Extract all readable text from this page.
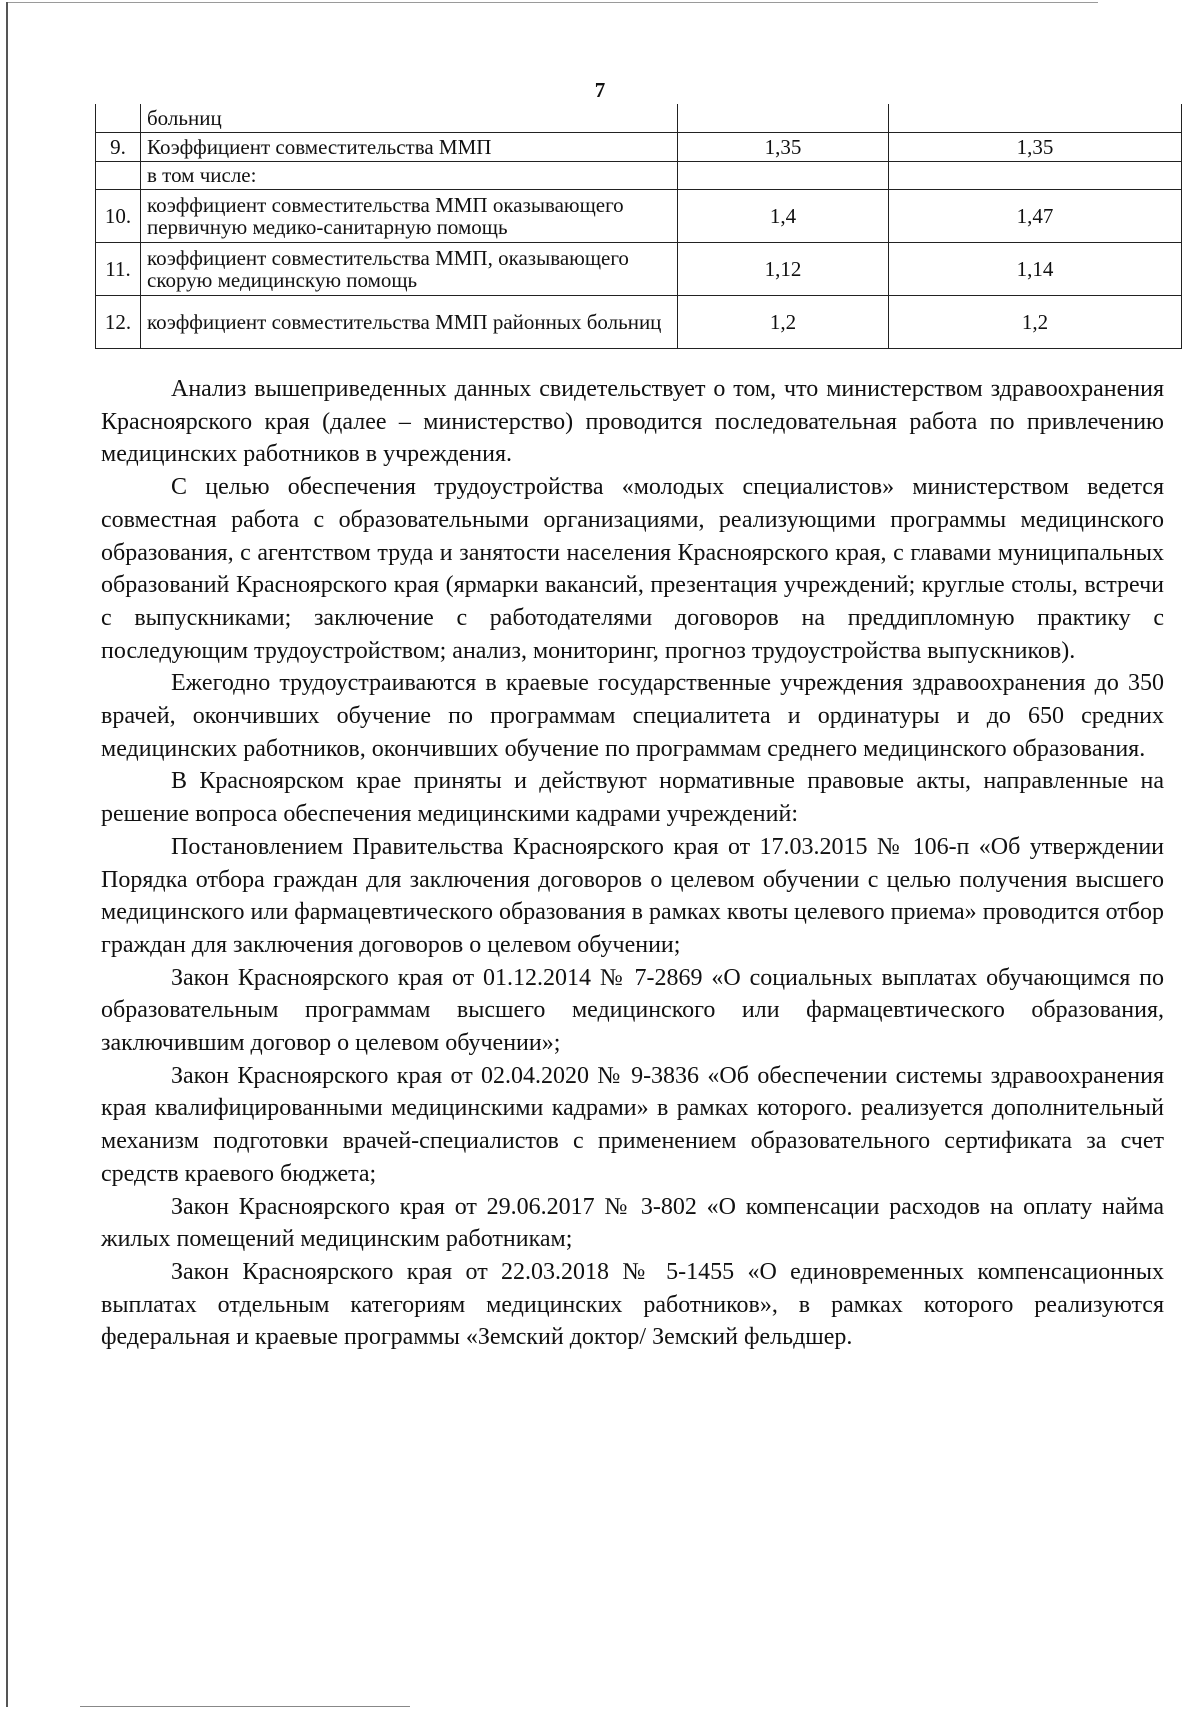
7
	больниц		
9.	Коэффициент совместительства ММП	1,35	1,35
	в том числе:		
10.	коэффициент совместительства ММП оказывающего первичную медико-санитарную помощь	1,4	1,47
11.	коэффициент совместительства ММП, оказывающего скорую медицинскую помощь	1,12	1,14
12.	коэффициент совместительства ММП районных больниц	1,2	1,2

Анализ вышеприведенных данных свидетельствует о том, что министерством здравоохранения Красноярского края (далее – министерство) проводится последовательная работа по привлечению медицинских работников в учреждения.

С целью обеспечения трудоустройства «молодых специалистов» министерством ведется совместная работа с образовательными организациями, реализующими программы медицинского образования, с агентством труда и занятости населения Красноярского края, с главами муниципальных образований Красноярского края (ярмарки вакансий, презентация учреждений; круглые столы, встречи с выпускниками; заключение с работодателями договоров на преддипломную практику с последующим трудоустройством; анализ, мониторинг, прогноз трудоустройства выпускников).

Ежегодно трудоустраиваются в краевые государственные учреждения здравоохранения до 350 врачей, окончивших обучение по программам специалитета и ординатуры и до 650 средних медицинских работников, окончивших обучение по программам среднего медицинского образования.

В Красноярском крае приняты и действуют нормативные правовые акты, направленные на решение вопроса обеспечения медицинскими кадрами учреждений:

Постановлением Правительства Красноярского края от 17.03.2015 № 106-п «Об утверждении Порядка отбора граждан для заключения договоров о целевом обучении с целью получения высшего медицинского или фармацевтического образования в рамках квоты целевого приема» проводится отбор граждан для заключения договоров о целевом обучении;

Закон Красноярского края от 01.12.2014 № 7-2869 «О социальных выплатах обучающимся по образовательным программам высшего медицинского или фармацевтического образования, заключившим договор о целевом обучении»;

Закон Красноярского края от 02.04.2020 № 9-3836 «Об обеспечении системы здравоохранения края квалифицированными медицинскими кадрами» в рамках которого. реализуется дополнительный механизм подготовки врачей-специалистов с применением образовательного сертификата за счет средств краевого бюджета;

Закон Красноярского края от 29.06.2017 № 3-802 «О компенсации расходов на оплату найма жилых помещений медицинским работникам;

Закон Красноярского края от 22.03.2018 № 5-1455 «О единовременных компенсационных выплатах отдельным категориям медицинских работников», в рамках которого реализуются федеральная и краевые программы «Земский доктор/ Земский фельдшер.
